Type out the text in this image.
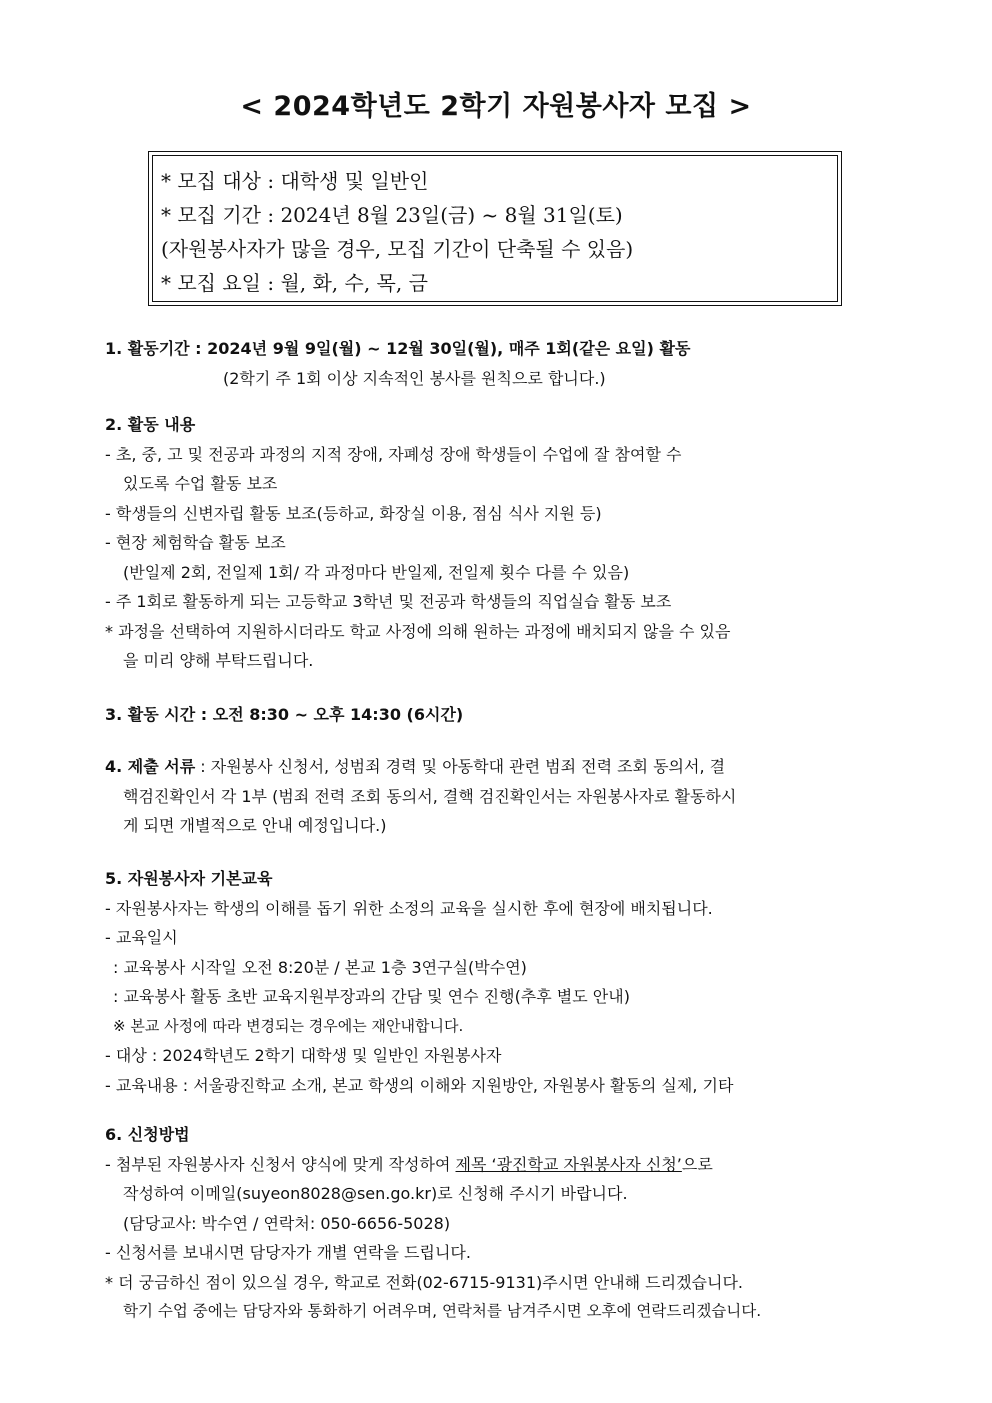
< 2024학년도 2학기 자원봉사자 모집 >
* 모집 대상 : 대학생 및 일반인
* 모집 기간 : 2024년 8월 23일(금) ~ 8월 31일(토)
(자원봉사자가 많을 경우, 모집 기간이 단축될 수 있음)
* 모집 요일 : 월, 화, 수, 목, 금
1. 활동기간 : 2024년 9월 9일(월) ~ 12월 30일(월), 매주 1회(같은 요일) 활동
(2학기 주 1회 이상 지속적인 봉사를 원칙으로 합니다.)
2. 활동 내용
- 초, 중, 고 및 전공과 과정의 지적 장애, 자폐성 장애 학생들이 수업에 잘 참여할 수
있도록 수업 활동 보조
- 학생들의 신변자립 활동 보조(등하교, 화장실 이용, 점심 식사 지원 등)
- 현장 체험학습 활동 보조
(반일제 2회, 전일제 1회/ 각 과정마다 반일제, 전일제 횟수 다를 수 있음)
- 주 1회로 활동하게 되는 고등학교 3학년 및 전공과 학생들의 직업실습 활동 보조
* 과정을 선택하여 지원하시더라도 학교 사정에 의해 원하는 과정에 배치되지 않을 수 있음
을 미리 양해 부탁드립니다.
3. 활동 시간 : 오전 8:30 ~ 오후 14:30 (6시간)
4. 제출 서류 : 자원봉사 신청서, 성범죄 경력 및 아동학대 관련 범죄 전력 조회 동의서, 결
핵검진확인서 각 1부 (범죄 전력 조회 동의서, 결핵 검진확인서는 자원봉사자로 활동하시
게 되면 개별적으로 안내 예정입니다.)
5. 자원봉사자 기본교육
- 자원봉사자는 학생의 이해를 돕기 위한 소정의 교육을 실시한 후에 현장에 배치됩니다.
- 교육일시
: 교육봉사 시작일 오전 8:20분 / 본교 1층 3연구실(박수연)
: 교육봉사 활동 초반 교육지원부장과의 간담 및 연수 진행(추후 별도 안내)
※ 본교 사정에 따라 변경되는 경우에는 재안내합니다.
- 대상 : 2024학년도 2학기 대학생 및 일반인 자원봉사자
- 교육내용 : 서울광진학교 소개, 본교 학생의 이해와 지원방안, 자원봉사 활동의 실제, 기타
6. 신청방법
- 첨부된 자원봉사자 신청서 양식에 맞게 작성하여 제목 ‘광진학교 자원봉사자 신청’으로
작성하여 이메일(suyeon8028@sen.go.kr)로 신청해 주시기 바랍니다.
(담당교사: 박수연 / 연락처: 050-6656-5028)
- 신청서를 보내시면 담당자가 개별 연락을 드립니다.
* 더 궁금하신 점이 있으실 경우, 학교로 전화(02-6715-9131)주시면 안내해 드리겠습니다.
학기 수업 중에는 담당자와 통화하기 어려우며, 연락처를 남겨주시면 오후에 연락드리겠습니다.
